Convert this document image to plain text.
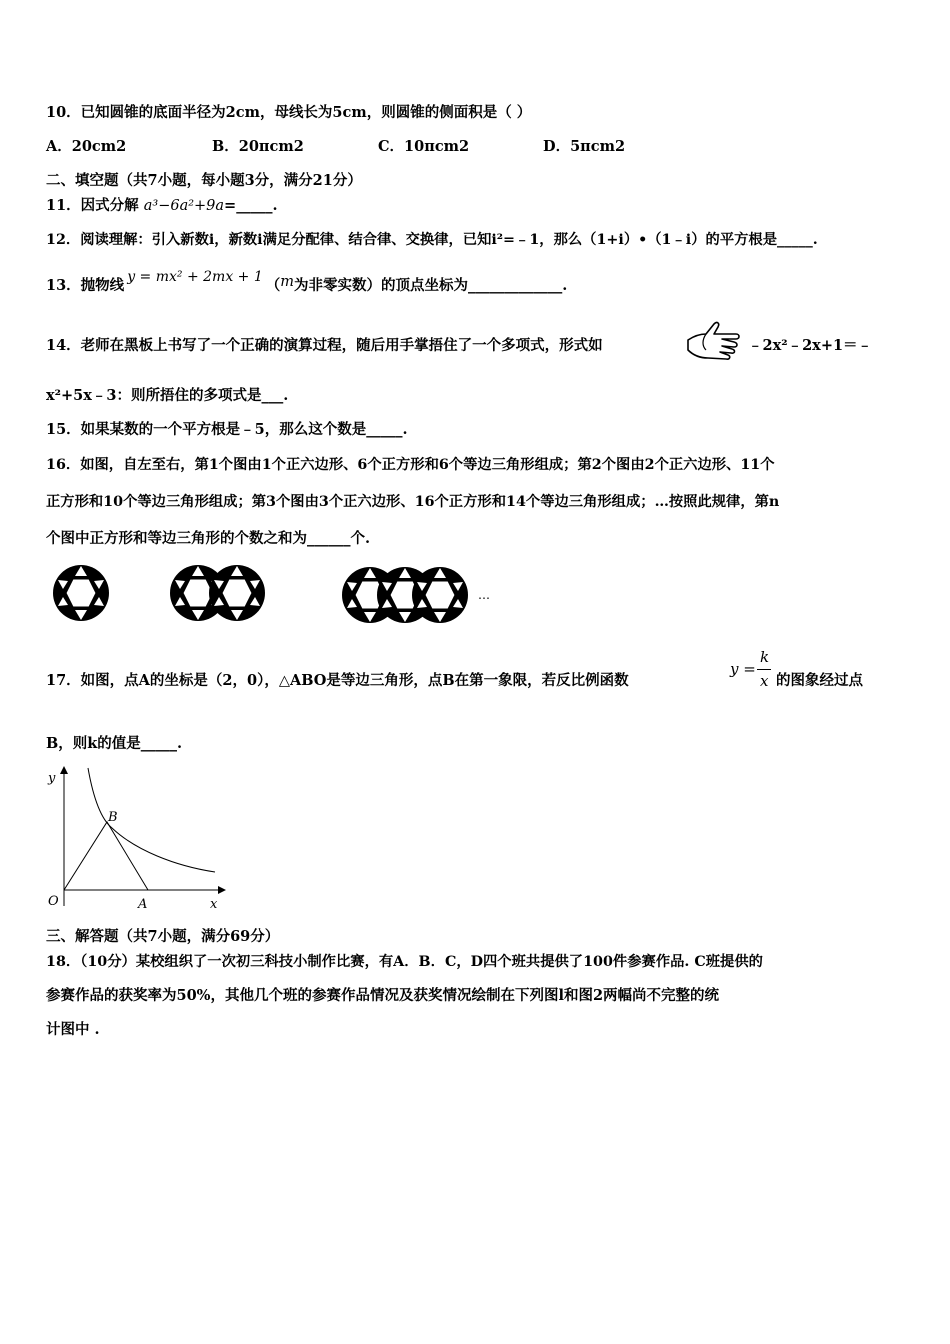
10．已知圆锥的底面半径为2cm，母线长为5cm，则圆锥的侧面积是（ ）
A．20cm2	B．20πcm2	C．10πcm2	D．5πcm2
二、填空题（共7小题，每小题3分，满分21分）
11．因式分解 a³−6a²+9a=_____.
12．阅读理解：引入新数i，新数i满足分配律、结合律、交换律，已知i²=﹣1，那么（1+i）•（1﹣i）的平方根是_____.
13．抛物线 y = mx² + 2mx + 1 （m为非零实数）的顶点坐标为_____________.
14．老师在黑板上书写了一个正确的演算过程，随后用手掌捂住了一个多项式，形式如	﹣2x²﹣2x+1＝﹣
x²+5x﹣3：则所捂住的多项式是___.
15．如果某数的一个平方根是﹣5，那么这个数是_____.
16．如图，自左至右，第1个图由1个正六边形、6个正方形和6个等边三角形组成；第2个图由2个正六边形、11个
正方形和10个等边三角形组成；第3个图由3个正六边形、16个正方形和14个等边三角形组成；…按照此规律，第n
个图中正方形和等边三角形的个数之和为______个.
…
17．如图，点A的坐标是（2，0），△ABO是等边三角形，点B在第一象限，若反比例函数
y =
k
x 的图象经过点
B，则k的值是_____.
y
x
O	A
B
三、解答题（共7小题，满分69分）
18．（10分）某校组织了一次初三科技小制作比赛，有A．B．C，D四个班共提供了100件参赛作品. C班提供的
参赛作品的获奖率为50%，其他几个班的参赛作品情况及获奖情况绘制在下列图l和图2两幅尚不完整的统
计图中 .
